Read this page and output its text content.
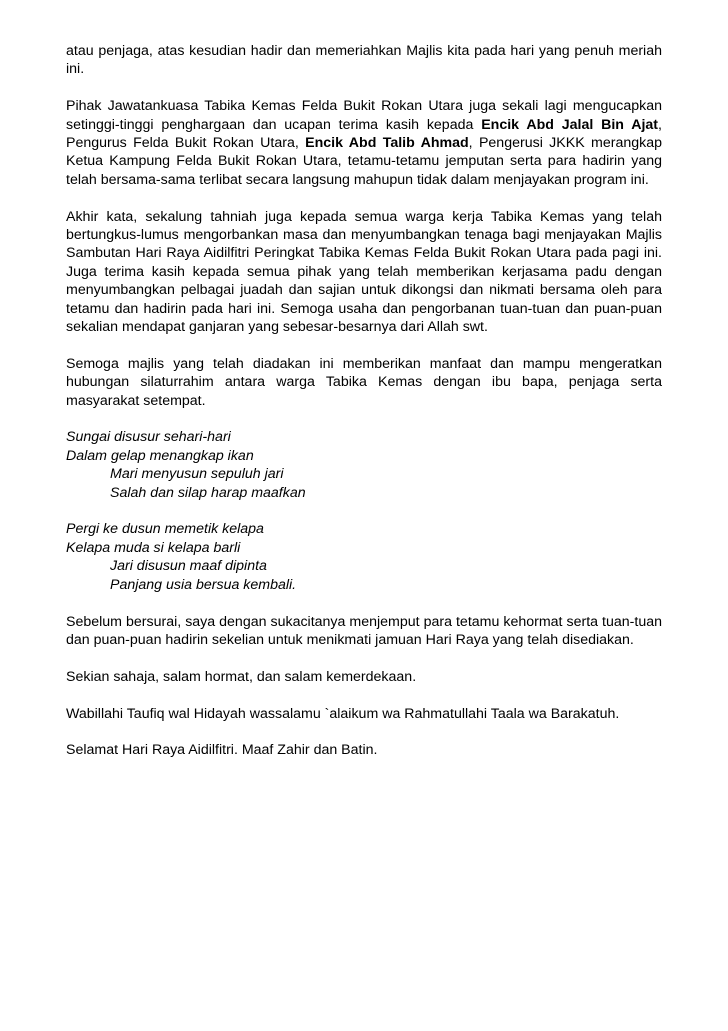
atau penjaga, atas kesudian hadir dan memeriahkan Majlis kita pada hari yang penuh meriah ini.

Pihak Jawatankuasa Tabika Kemas Felda Bukit Rokan Utara juga sekali lagi mengucapkan setinggi-tinggi penghargaan dan ucapan terima kasih kepada Encik Abd Jalal Bin Ajat, Pengurus Felda Bukit Rokan Utara, Encik Abd Talib Ahmad, Pengerusi JKKK merangkap Ketua Kampung Felda Bukit Rokan Utara, tetamu-tetamu jemputan serta para hadirin yang telah bersama-sama terlibat secara langsung mahupun tidak dalam menjayakan program ini.

Akhir kata, sekalung tahniah juga kepada semua warga kerja Tabika Kemas yang telah bertungkus-lumus mengorbankan masa dan menyumbangkan tenaga bagi menjayakan Majlis Sambutan Hari Raya Aidilfitri Peringkat Tabika Kemas Felda Bukit Rokan Utara pada pagi ini. Juga terima kasih kepada semua pihak yang telah memberikan kerjasama padu dengan menyumbangkan pelbagai juadah dan sajian untuk dikongsi dan nikmati bersama oleh para tetamu dan hadirin pada hari ini. Semoga usaha dan pengorbanan tuan-tuan dan puan-puan sekalian mendapat ganjaran yang sebesar-besarnya dari Allah swt.

Semoga majlis yang telah diadakan ini memberikan manfaat dan mampu mengeratkan hubungan silaturrahim antara warga Tabika Kemas dengan ibu bapa, penjaga serta masyarakat setempat.

Sungai disusur sehari-hari
Dalam gelap menangkap ikan
Mari menyusun sepuluh jari
Salah dan silap harap maafkan
Pergi ke dusun memetik kelapa
Kelapa muda si kelapa barli
Jari disusun maaf dipinta
Panjang usia bersua kembali.

Sebelum bersurai, saya dengan sukacitanya menjemput para tetamu kehormat serta tuan-tuan dan puan-puan hadirin sekelian untuk menikmati jamuan Hari Raya yang telah disediakan.

Sekian sahaja, salam hormat, dan salam kemerdekaan.

Wabillahi Taufiq wal Hidayah wassalamu `alaikum wa Rahmatullahi Taala wa Barakatuh.

Selamat Hari Raya Aidilfitri. Maaf Zahir dan Batin.
